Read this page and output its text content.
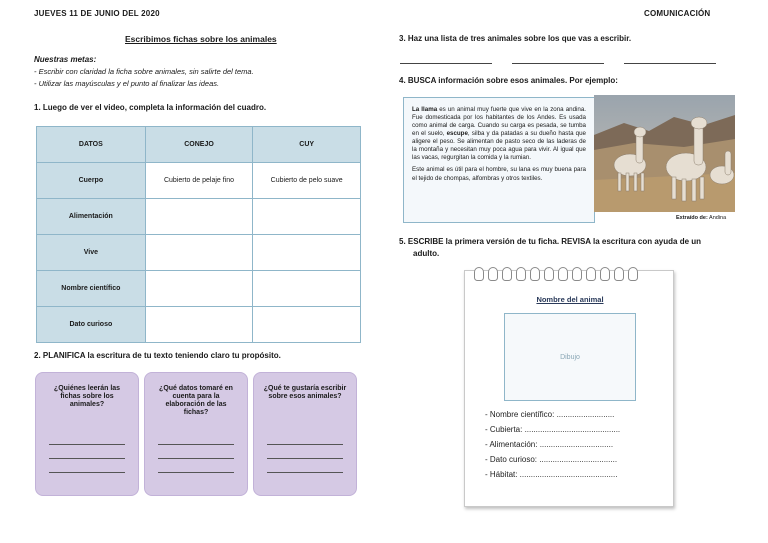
JUEVES 11 DE JUNIO DEL 2020	COMUNICACIÓN
Escribimos fichas sobre los animales
Nuestras metas:
- Escribir con claridad la ficha sobre animales, sin salirte del tema.
- Utilizar las mayúsculas y el punto al finalizar las ideas.
1. Luego de ver el video, completa la información del cuadro.
DATOS	CONEJO	CUY
Cuerpo	Cubierto de pelaje fino	Cubierto de pelo suave
Alimentación		
Vive		
Nombre científico		
Dato curioso		
2. PLANIFICA la escritura de tu texto teniendo claro tu propósito.
¿Quiénes leerán las fichas sobre los animales?
¿Qué datos tomaré en cuenta para la elaboración de las fichas?
¿Qué te gustaría escribir sobre esos animales?
3. Haz una lista de tres animales sobre los que vas a escribir.
4. BUSCA información sobre esos animales. Por ejemplo:

La llama es un animal muy fuerte que vive en la zona andina. Fue domesticada por los habitantes de los Andes. Es usada como animal de carga. Cuando su carga es pesada, se tumba en el suelo, escupe, silba y da patadas a su dueño hasta que aligere el peso. Se alimentan de pasto seco de las laderas de la montaña y necesitan muy poca agua para vivir. Al igual que las vacas, regurgitan la comida y la rumian.

Este animal es útil para el hombre, su lana es muy buena para el tejido de chompas, alfombras y otros textiles.

Extraído de: Andina
5. ESCRIBE la primera versión de tu ficha. REVISA la escritura con ayuda de un
adulto.
Nombre del animal
Dibujo
- Nombre científico: ..........................
- Cubierta: ...........................................
- Alimentación: .................................
- Dato curioso: ...................................
- Hábitat: ............................................
